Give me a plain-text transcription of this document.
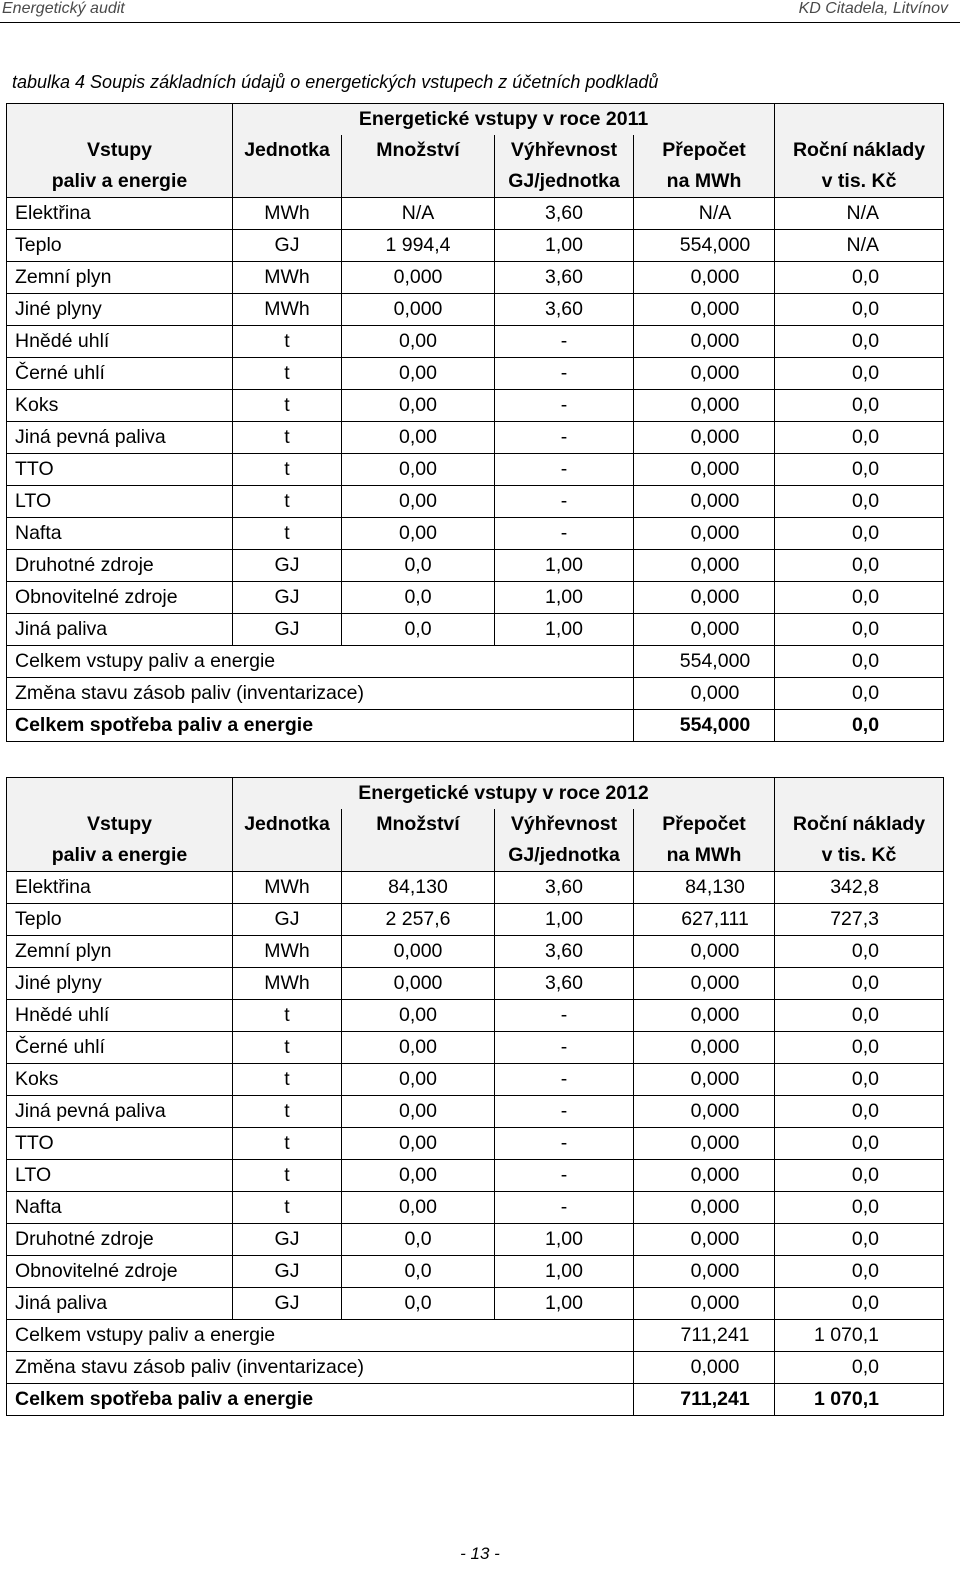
Energetický audit	KD Citadela, Litvínov
tabulka 4 Soupis základních údajů o energetických vstupech z účetních podkladů
	Energetické vstupy v roce 2011				
Vstupy	Jednotka	Množství	Výhřevnost	Přepočet	Roční náklady
paliv a energie			GJ/jednotka	na MWh	v tis. Kč
Elektřina	MWh	N/A	3,60	N/A	N/A
Teplo	GJ	1 994,4	1,00	554,000	N/A
Zemní plyn	MWh	0,000	3,60	0,000	0,0
Jiné plyny	MWh	0,000	3,60	0,000	0,0
Hnědé uhlí	t	0,00	-	0,000	0,0
Černé uhlí	t	0,00	-	0,000	0,0
Koks	t	0,00	-	0,000	0,0
Jiná pevná paliva	t	0,00	-	0,000	0,0
TTO	t	0,00	-	0,000	0,0
LTO	t	0,00	-	0,000	0,0
Nafta	t	0,00	-	0,000	0,0
Druhotné zdroje	GJ	0,0	1,00	0,000	0,0
Obnovitelné zdroje	GJ	0,0	1,00	0,000	0,0
Jiná paliva	GJ	0,0	1,00	0,000	0,0
Celkem vstupy paliv a energie				554,000	0,0
Změna stavu zásob paliv (inventarizace)				0,000	0,0
Celkem spotřeba paliv a energie				554,000	0,0
	Energetické vstupy v roce 2012				
Vstupy	Jednotka	Množství	Výhřevnost	Přepočet	Roční náklady
paliv a energie			GJ/jednotka	na MWh	v tis. Kč
Elektřina	MWh	84,130	3,60	84,130	342,8
Teplo	GJ	2 257,6	1,00	627,111	727,3
Zemní plyn	MWh	0,000	3,60	0,000	0,0
Jiné plyny	MWh	0,000	3,60	0,000	0,0
Hnědé uhlí	t	0,00	-	0,000	0,0
Černé uhlí	t	0,00	-	0,000	0,0
Koks	t	0,00	-	0,000	0,0
Jiná pevná paliva	t	0,00	-	0,000	0,0
TTO	t	0,00	-	0,000	0,0
LTO	t	0,00	-	0,000	0,0
Nafta	t	0,00	-	0,000	0,0
Druhotné zdroje	GJ	0,0	1,00	0,000	0,0
Obnovitelné zdroje	GJ	0,0	1,00	0,000	0,0
Jiná paliva	GJ	0,0	1,00	0,000	0,0
Celkem vstupy paliv a energie				711,241	1 070,1
Změna stavu zásob paliv (inventarizace)				0,000	0,0
Celkem spotřeba paliv a energie				711,241	1 070,1
- 13 -
